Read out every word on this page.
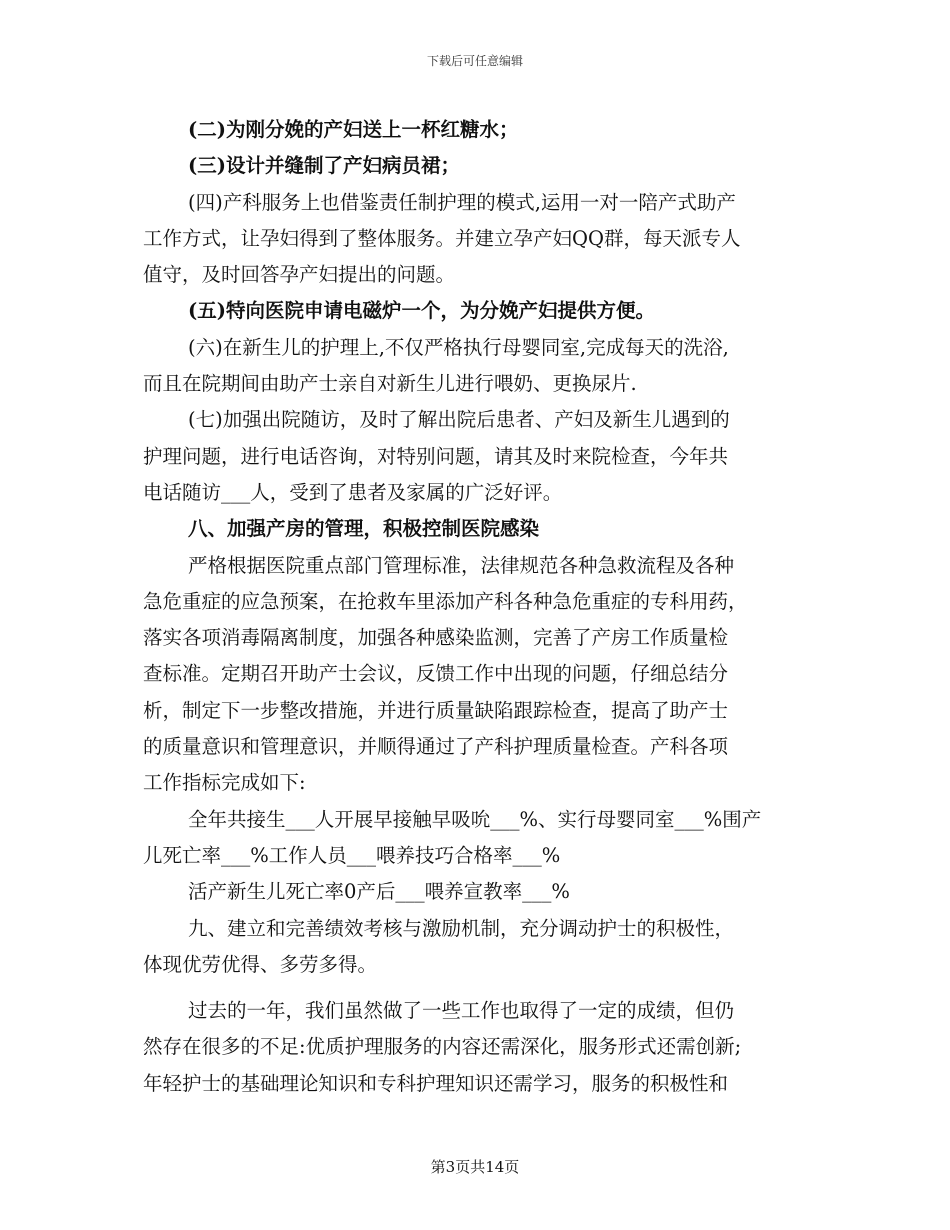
下载后可任意编辑
(二)为刚分娩的产妇送上一杯红糖水；
(三)设计并缝制了产妇病员裙；
(四)产科服务上也借鉴责任制护理的模式,运用一对一陪产式助产
工作方式，让孕妇得到了整体服务。并建立孕产妇QQ群，每天派专人
值守，及时回答孕产妇提出的问题。
(五)特向医院申请电磁炉一个，为分娩产妇提供方便。
(六)在新生儿的护理上,不仅严格执行母婴同室,完成每天的洗浴,
而且在院期间由助产士亲自对新生儿进行喂奶、更换尿片.
(七)加强出院随访，及时了解出院后患者、产妇及新生儿遇到的
护理问题，进行电话咨询，对特别问题，请其及时来院检查，今年共
电话随访___人，受到了患者及家属的广泛好评。
八、加强产房的管理，积极控制医院感染
严格根据医院重点部门管理标准，法律规范各种急救流程及各种
急危重症的应急预案，在抢救车里添加产科各种急危重症的专科用药，
落实各项消毒隔离制度，加强各种感染监测，完善了产房工作质量检
查标准。定期召开助产士会议，反馈工作中出现的问题，仔细总结分
析，制定下一步整改措施，并进行质量缺陷跟踪检查，提高了助产士
的质量意识和管理意识，并顺得通过了产科护理质量检查。产科各项
工作指标完成如下:
全年共接生___人开展早接触早吸吮___%、实行母婴同室___%围产
儿死亡率___%工作人员___喂养技巧合格率___%
活产新生儿死亡率0产后___喂养宣教率___%
九、建立和完善绩效考核与激励机制，充分调动护士的积极性，
体现优劳优得、多劳多得。
过去的一年，我们虽然做了一些工作也取得了一定的成绩，但仍
然存在很多的不足:优质护理服务的内容还需深化，服务形式还需创新;
年轻护士的基础理论知识和专科护理知识还需学习，服务的积极性和
第3页共14页
